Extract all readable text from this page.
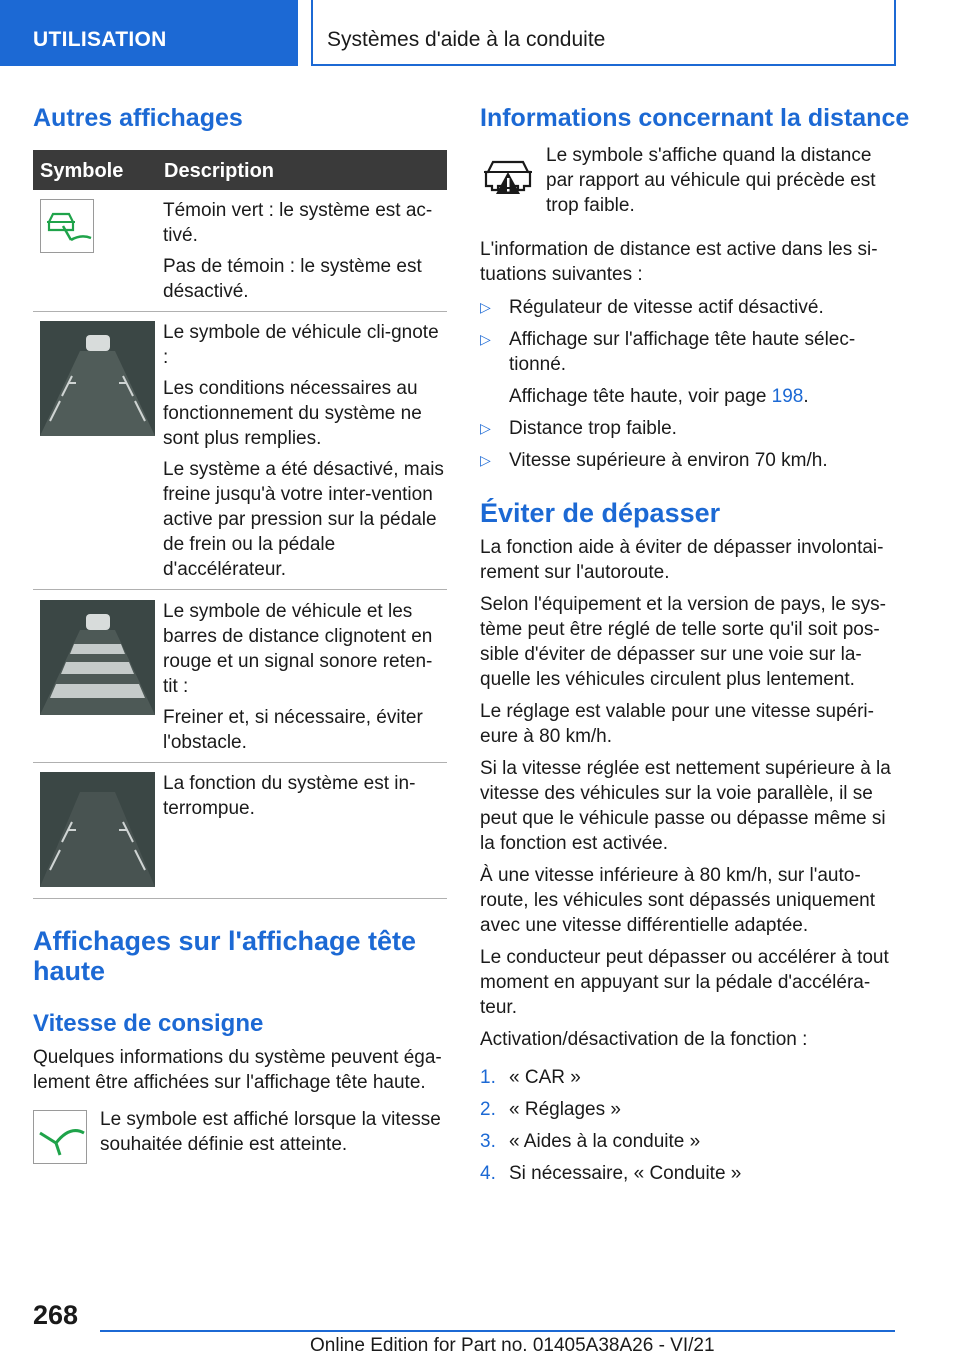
UTILISATION	Systèmes d'aide à la conduite
Autres affichages
Symbole Description

Témoin vert : le système est ac‐tivé.

Pas de témoin : le système est désactivé.

Le symbole de véhicule cli‐gnote :

Les conditions nécessaires au fonctionnement du système ne sont plus remplies.

Le système a été désactivé, mais freine jusqu'à votre inter‐vention active par pression sur la pédale de frein ou la pédale d'accélérateur.

Le symbole de véhicule et les barres de distance clignotent en rouge et un signal sonore reten‐tit :

Freiner et, si nécessaire, éviter l'obstacle.

La fonction du système est in‐terrompue.

Affichages sur l'affichage tête haute
Vitesse de consigne

Quelques informations du système peuvent éga‐lement être affichées sur l'affichage tête haute.

Le symbole est affiché lorsque la vitesse souhaitée définie est atteinte.

Informations concernant la distance

Le symbole s'affiche quand la distance par rapport au véhicule qui précède est trop faible.

L'information de distance est active dans les si‐tuations suivantes :

▷ Régulateur de vitesse actif désactivé.
▷ Affichage sur l'affichage tête haute sélec‐tionné.
Affichage tête haute, voir page 198.
▷ Distance trop faible.
▷ Vitesse supérieure à environ 70 km/h.
Éviter de dépasser

La fonction aide à éviter de dépasser involontai‐rement sur l'autoroute.

Selon l'équipement et la version de pays, le sys‐tème peut être réglé de telle sorte qu'il soit pos‐sible d'éviter de dépasser sur une voie sur la‐quelle les véhicules circulent plus lentement.

Le réglage est valable pour une vitesse supéri‐eure à 80 km/h.

Si la vitesse réglée est nettement supérieure à la vitesse des véhicules sur la voie parallèle, il se peut que le véhicule passe ou dépasse même si la fonction est activée.

À une vitesse inférieure à 80 km/h, sur l'auto‐route, les véhicules sont dépassés uniquement avec une vitesse différentielle adaptée.

Le conducteur peut dépasser ou accélérer à tout moment en appuyant sur la pédale d'accéléra‐teur.

Activation/désactivation de la fonction :

1. « CAR »
2. « Réglages »
3. « Aides à la conduite »
4. Si nécessaire, « Conduite »
268
Online Edition for Part no. 01405A38A26 - VI/21
